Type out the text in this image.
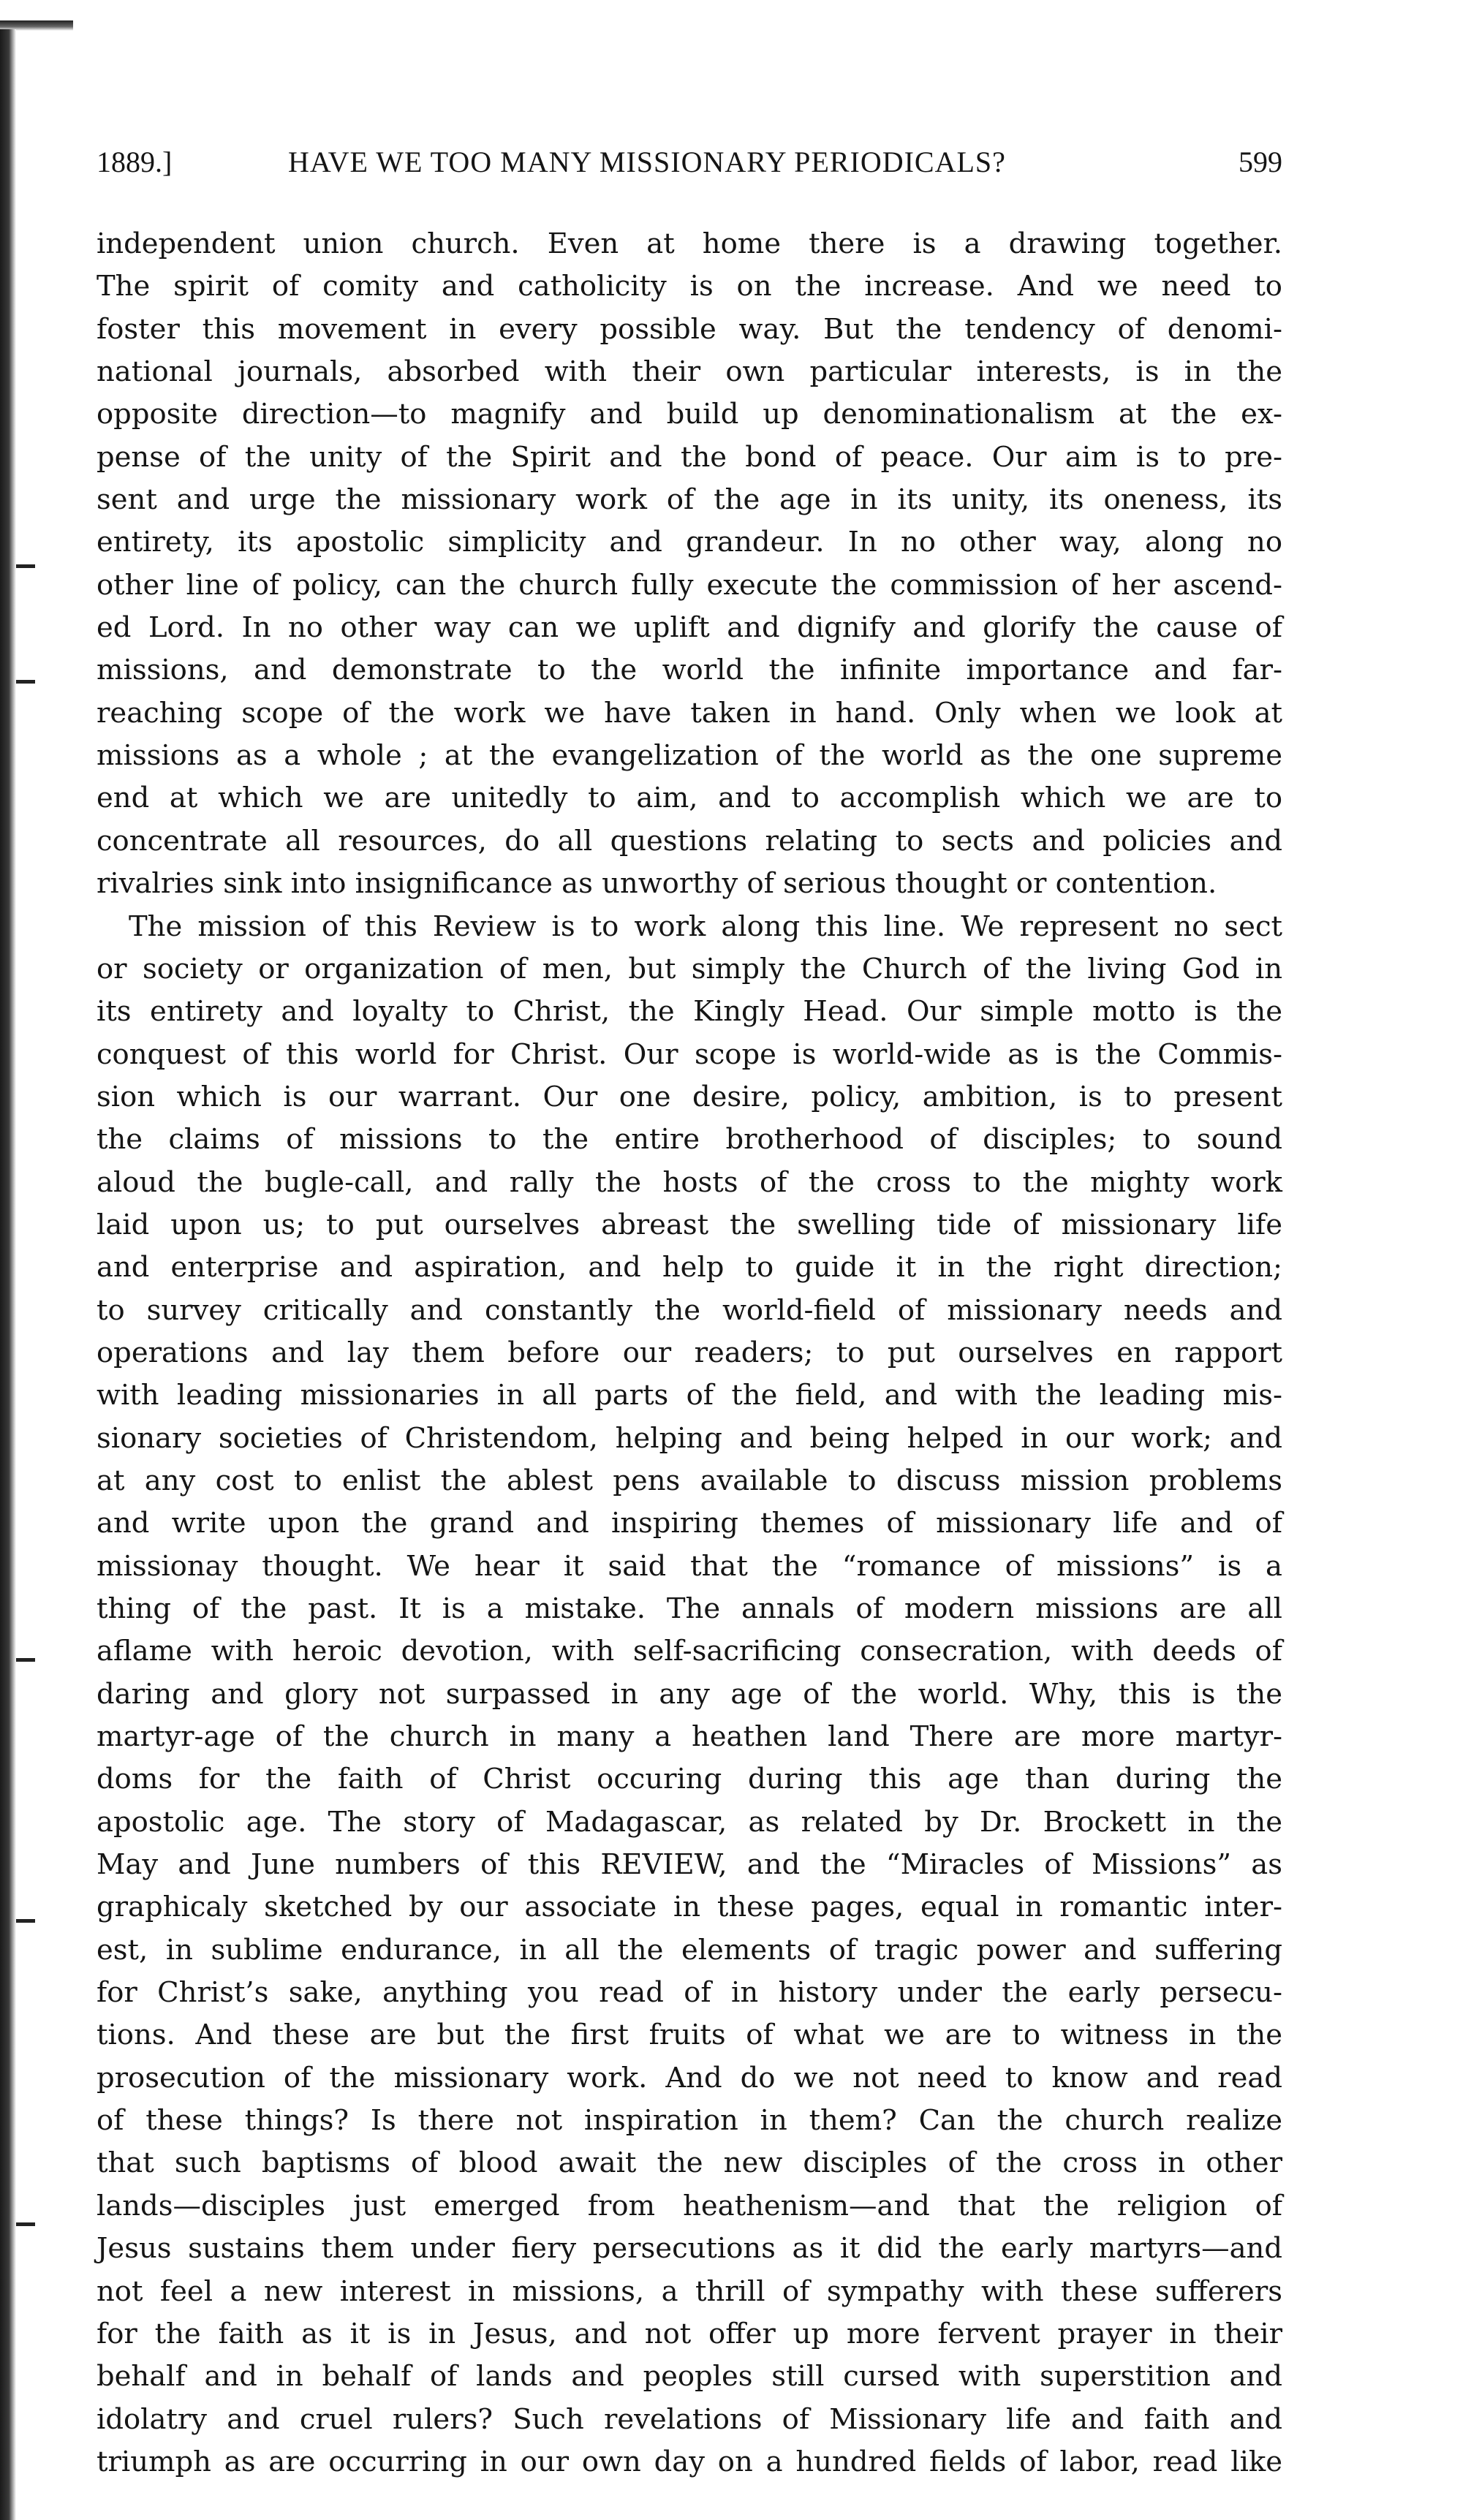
1889.]	HAVE WE TOO MANY MISSIONARY PERIODICALS?	599
independent union church. Even at home there is a drawing together.
The spirit of comity and catholicity is on the increase. And we need to
foster this movement in every possible way. But the tendency of denomi-
national journals, absorbed with their own particular interests, is in the
opposite direction—to magnify and build up denominationalism at the ex-
pense of the unity of the Spirit and the bond of peace. Our aim is to pre-
sent and urge the missionary work of the age in its unity, its oneness, its
entirety, its apostolic simplicity and grandeur. In no other way, along no
other line of policy, can the church fully execute the commission of her ascend-
ed Lord. In no other way can we uplift and dignify and glorify the cause of
missions, and demonstrate to the world the infinite importance and far-
reaching scope of the work we have taken in hand. Only when we look at
missions as a whole ; at the evangelization of the world as the one supreme
end at which we are unitedly to aim, and to accomplish which we are to
concentrate all resources, do all questions relating to sects and policies and
rivalries sink into insignificance as unworthy of serious thought or contention.
The mission of this Review is to work along this line. We represent no sect
or society or organization of men, but simply the Church of the living God in
its entirety and loyalty to Christ, the Kingly Head. Our simple motto is the
conquest of this world for Christ. Our scope is world-wide as is the Commis-
sion which is our warrant. Our one desire, policy, ambition, is to present
the claims of missions to the entire brotherhood of disciples; to sound
aloud the bugle-call, and rally the hosts of the cross to the mighty work
laid upon us; to put ourselves abreast the swelling tide of missionary life
and enterprise and aspiration, and help to guide it in the right direction;
to survey critically and constantly the world-field of missionary needs and
operations and lay them before our readers; to put ourselves en rapport
with leading missionaries in all parts of the field, and with the leading mis-
sionary societies of Christendom, helping and being helped in our work; and
at any cost to enlist the ablest pens available to discuss mission problems
and write upon the grand and inspiring themes of missionary life and of
missionay thought. We hear it said that the “romance of missions” is a
thing of the past. It is a mistake. The annals of modern missions are all
aflame with heroic devotion, with self-sacrificing consecration, with deeds of
daring and glory not surpassed in any age of the world. Why, this is the
martyr-age of the church in many a heathen land There are more martyr-
doms for the faith of Christ occuring during this age than during the
apostolic age. The story of Madagascar, as related by Dr. Brockett in the
May and June numbers of this REVIEW, and the “Miracles of Missions” as
graphicaly sketched by our associate in these pages, equal in romantic inter-
est, in sublime endurance, in all the elements of tragic power and suffering
for Christ’s sake, anything you read of in history under the early persecu-
tions. And these are but the first fruits of what we are to witness in the
prosecution of the missionary work. And do we not need to know and read
of these things? Is there not inspiration in them? Can the church realize
that such baptisms of blood await the new disciples of the cross in other
lands—disciples just emerged from heathenism—and that the religion of
Jesus sustains them under fiery persecutions as it did the early martyrs—and
not feel a new interest in missions, a thrill of sympathy with these sufferers
for the faith as it is in Jesus, and not offer up more fervent prayer in their
behalf and in behalf of lands and peoples still cursed with superstition and
idolatry and cruel rulers? Such revelations of Missionary life and faith and
triumph as are occurring in our own day on a hundred fields of labor, read like
